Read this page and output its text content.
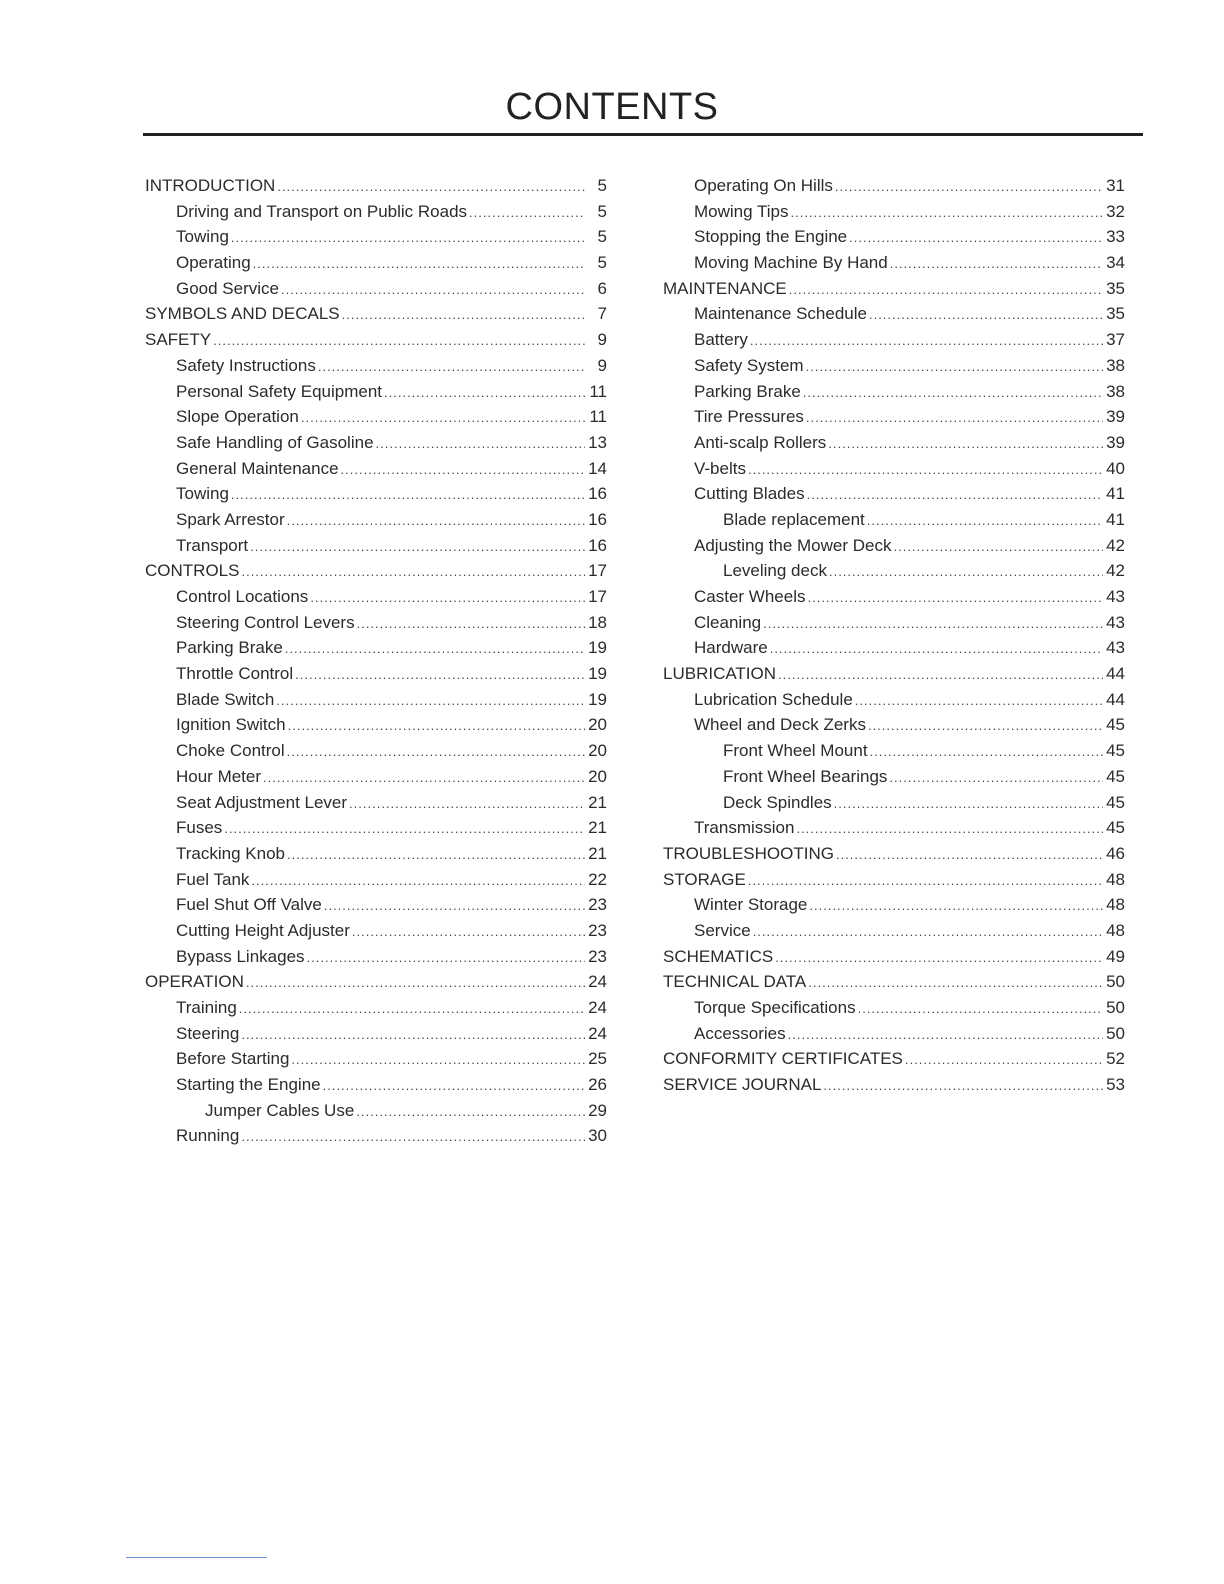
CONTENTS
INTRODUCTION .....	5
Driving and Transport on Public Roads .....	5
Towing .....	5
Operating .....	5
Good Service .....	6
SYMBOLS AND DECALS .....	7
SAFETY .....	9
Safety Instructions .....	9
Personal Safety Equipment .....	11
Slope Operation .....	11
Safe Handling of Gasoline .....	13
General Maintenance .....	14
Towing .....	16
Spark Arrestor .....	16
Transport .....	16
CONTROLS .....	17
Control Locations .....	17
Steering Control Levers .....	18
Parking Brake .....	19
Throttle Control .....	19
Blade Switch .....	19
Ignition Switch .....	20
Choke Control .....	20
Hour Meter .....	20
Seat Adjustment Lever .....	21
Fuses .....	21
Tracking Knob .....	21
Fuel Tank .....	22
Fuel Shut Off Valve .....	23
Cutting Height Adjuster .....	23
Bypass Linkages .....	23
OPERATION .....	24
Training .....	24
Steering .....	24
Before Starting .....	25
Starting the Engine .....	26
Jumper Cables Use .....	29
Running .....	30
Operating On Hills .....	31
Mowing Tips .....	32
Stopping the Engine .....	33
Moving Machine By Hand .....	34
MAINTENANCE .....	35
Maintenance Schedule .....	35
Battery .....	37
Safety System .....	38
Parking Brake .....	38
Tire Pressures .....	39
Anti-scalp Rollers .....	39
V-belts .....	40
Cutting Blades .....	41
Blade replacement .....	41
Adjusting the Mower Deck .....	42
Leveling deck .....	42
Caster Wheels .....	43
Cleaning .....	43
Hardware .....	43
LUBRICATION .....	44
Lubrication Schedule .....	44
Wheel and Deck Zerks .....	45
Front Wheel Mount .....	45
Front Wheel Bearings .....	45
Deck Spindles .....	45
Transmission .....	45
TROUBLESHOOTING .....	46
STORAGE .....	48
Winter Storage .....	48
Service .....	48
SCHEMATICS .....	49
TECHNICAL DATA .....	50
Torque Specifications .....	50
Accessories .....	50
CONFORMITY CERTIFICATES .....	52
SERVICE JOURNAL .....	53
